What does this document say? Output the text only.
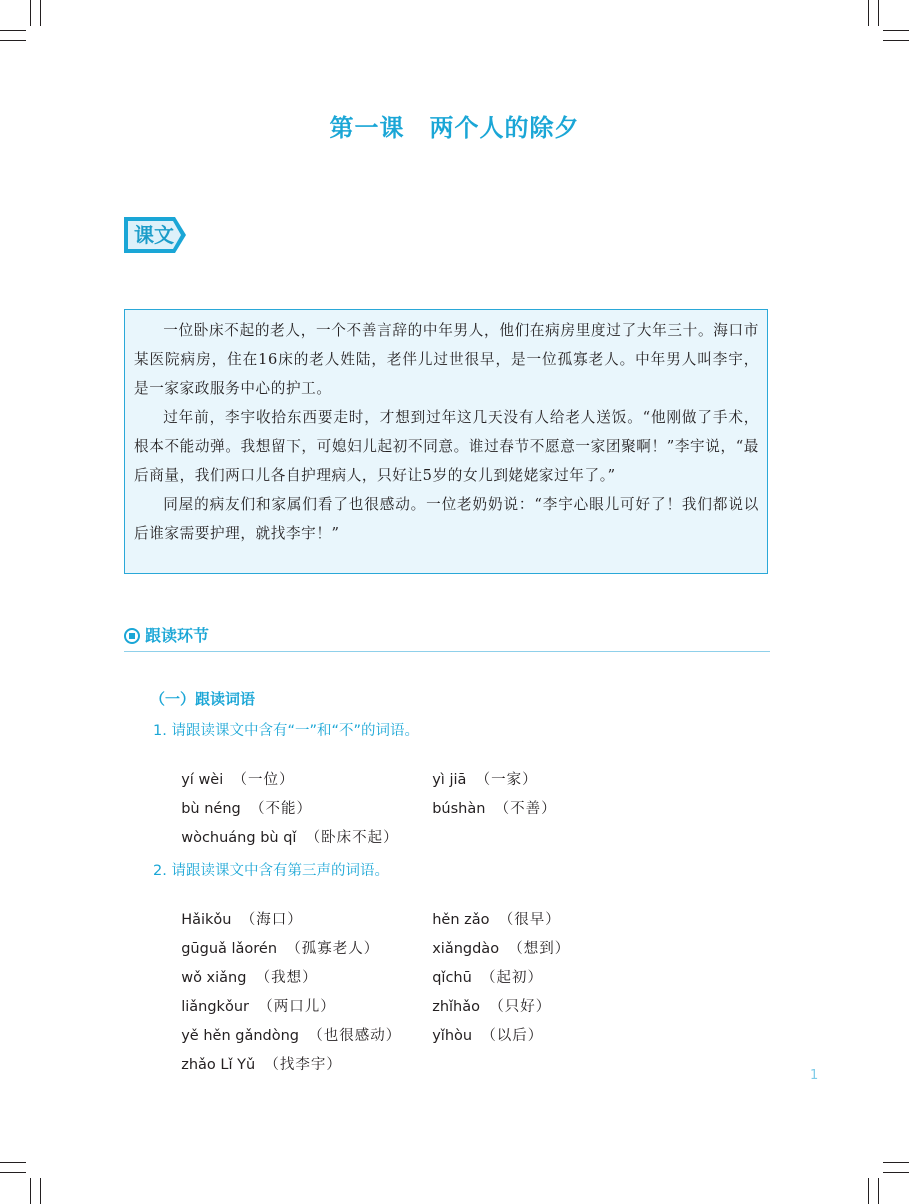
第一课　两个人的除夕
课文

一位卧床不起的老人，一个不善言辞的中年男人，他们在病房里度过了大年三十。海口市某医院病房，住在16床的老人姓陆，老伴儿过世很早，是一位孤寡老人。中年男人叫李宇，是一家家政服务中心的护工。

过年前，李宇收拾东西要走时，才想到过年这几天没有人给老人送饭。“他刚做了手术，根本不能动弹。我想留下，可媳妇儿起初不同意。谁过春节不愿意一家团聚啊！”李宇说，“最后商量，我们两口儿各自护理病人，只好让5岁的女儿到姥姥家过年了。”

同屋的病友们和家属们看了也很感动。一位老奶奶说：“李宇心眼儿可好了！我们都说以后谁家需要护理，就找李宇！”

跟读环节
（一）跟读词语
1. 请跟读课文中含有“一”和“不”的词语。

yí wèi （一位）	yì jiā （一家）

bù néng （不能）	búshàn （不善）

wòchuáng bù qǐ （卧床不起）

2. 请跟读课文中含有第三声的词语。

Hǎikǒu （海口）	hěn zǎo （很早）

gūguǎ lǎorén （孤寡老人）	xiǎngdào （想到）

wǒ xiǎng （我想）	qǐchū （起初）

liǎngkǒur （两口儿）	zhǐhǎo （只好）

yě hěn gǎndòng （也很感动）	yǐhòu （以后）

zhǎo Lǐ Yǔ （找李宇）

1
